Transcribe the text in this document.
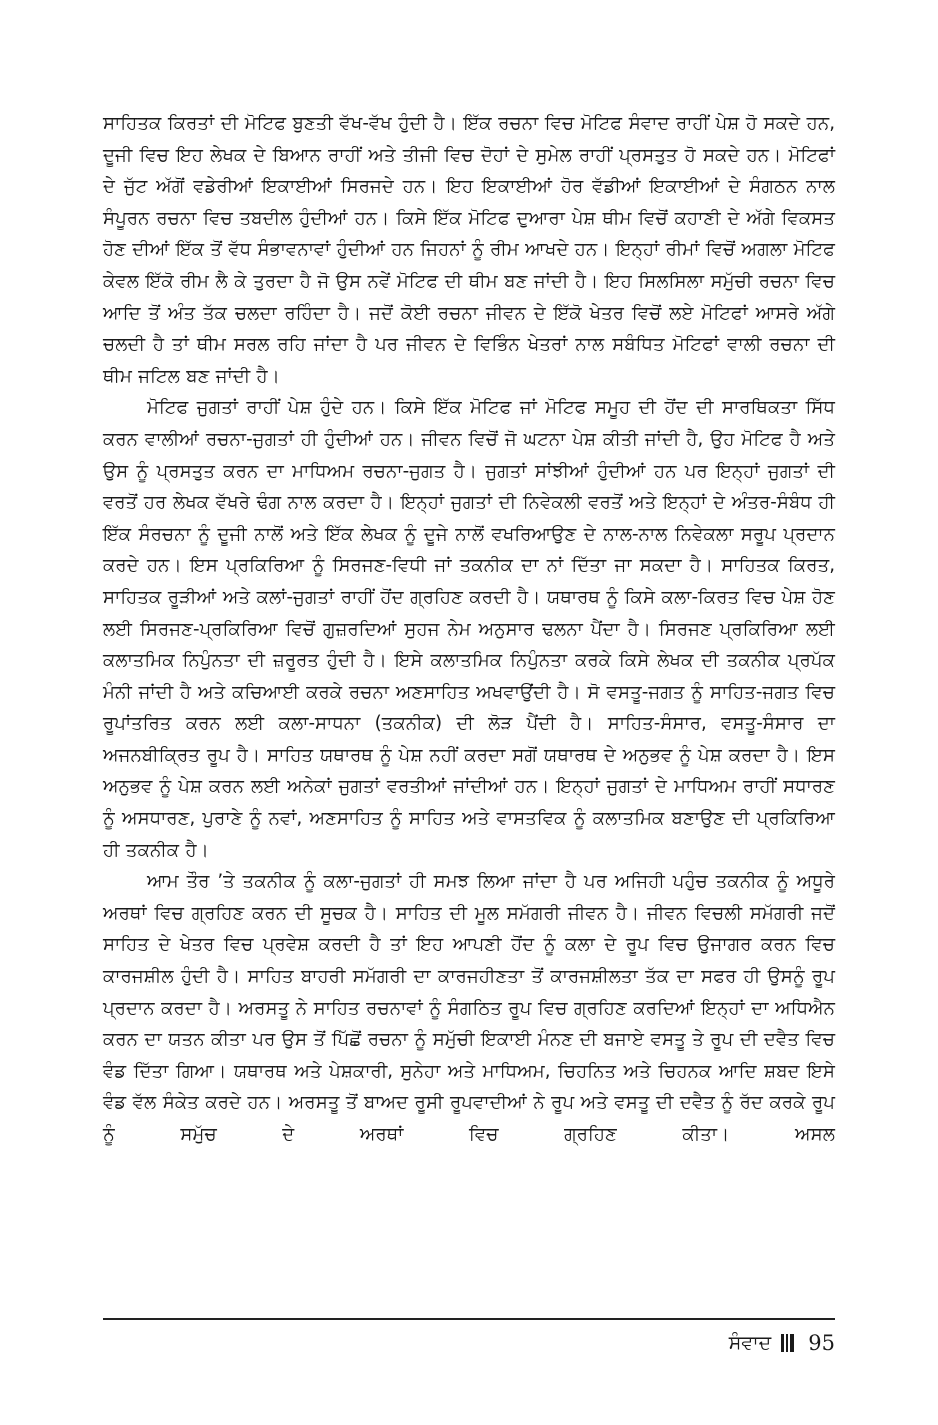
ਸਾਹਿਤਕ ਕਿਰਤਾਂ ਦੀ ਮੋਟਿਫ ਬੁਣਤੀ ਵੱਖ-ਵੱਖ ਹੁੰਦੀ ਹੈ। ਇੱਕ ਰਚਨਾ ਵਿਚ ਮੋਟਿਫ ਸੰਵਾਦ ਰਾਹੀਂ ਪੇਸ਼ ਹੋ ਸਕਦੇ ਹਨ, ਦੂਜੀ ਵਿਚ ਇਹ ਲੇਖਕ ਦੇ ਬਿਆਨ ਰਾਹੀਂ ਅਤੇ ਤੀਜੀ ਵਿਚ ਦੋਹਾਂ ਦੇ ਸੁਮੇਲ ਰਾਹੀਂ ਪ੍ਰਸਤੁਤ ਹੋ ਸਕਦੇ ਹਨ। ਮੋਟਿਫਾਂ ਦੇ ਜੁੱਟ ਅੱਗੋਂ ਵਡੇਰੀਆਂ ਇਕਾਈਆਂ ਸਿਰਜਦੇ ਹਨ। ਇਹ ਇਕਾਈਆਂ ਹੋਰ ਵੱਡੀਆਂ ਇਕਾਈਆਂ ਦੇ ਸੰਗਠਨ ਨਾਲ ਸੰਪੂਰਨ ਰਚਨਾ ਵਿਚ ਤਬਦੀਲ ਹੁੰਦੀਆਂ ਹਨ। ਕਿਸੇ ਇੱਕ ਮੋਟਿਫ ਦੁਆਰਾ ਪੇਸ਼ ਥੀਮ ਵਿਚੋਂ ਕਹਾਣੀ ਦੇ ਅੱਗੇ ਵਿਕਸਤ ਹੋਣ ਦੀਆਂ ਇੱਕ ਤੋਂ ਵੱਧ ਸੰਭਾਵਨਾਵਾਂ ਹੁੰਦੀਆਂ ਹਨ ਜਿਹਨਾਂ ਨੂੰ ਰੀਮ ਆਖਦੇ ਹਨ। ਇਨ੍ਹਾਂ ਰੀਮਾਂ ਵਿਚੋਂ ਅਗਲਾ ਮੋਟਿਫ ਕੇਵਲ ਇੱਕੋ ਰੀਮ ਲੈ ਕੇ ਤੁਰਦਾ ਹੈ ਜੋ ਉਸ ਨਵੇਂ ਮੋਟਿਫ ਦੀ ਥੀਮ ਬਣ ਜਾਂਦੀ ਹੈ। ਇਹ ਸਿਲਸਿਲਾ ਸਮੁੱਚੀ ਰਚਨਾ ਵਿਚ ਆਦਿ ਤੋਂ ਅੰਤ ਤੱਕ ਚਲਦਾ ਰਹਿੰਦਾ ਹੈ। ਜਦੋਂ ਕੋਈ ਰਚਨਾ ਜੀਵਨ ਦੇ ਇੱਕੋ ਖੇਤਰ ਵਿਚੋਂ ਲਏ ਮੋਟਿਫਾਂ ਆਸਰੇ ਅੱਗੇ ਚਲਦੀ ਹੈ ਤਾਂ ਥੀਮ ਸਰਲ ਰਹਿ ਜਾਂਦਾ ਹੈ ਪਰ ਜੀਵਨ ਦੇ ਵਿਭਿੰਨ ਖੇਤਰਾਂ ਨਾਲ ਸਬੰਧਿਤ ਮੋਟਿਫਾਂ ਵਾਲੀ ਰਚਨਾ ਦੀ ਥੀਮ ਜਟਿਲ ਬਣ ਜਾਂਦੀ ਹੈ।

ਮੋਟਿਫ ਜੁਗਤਾਂ ਰਾਹੀਂ ਪੇਸ਼ ਹੁੰਦੇ ਹਨ। ਕਿਸੇ ਇੱਕ ਮੋਟਿਫ ਜਾਂ ਮੋਟਿਫ ਸਮੂਹ ਦੀ ਹੋਂਦ ਦੀ ਸਾਰਥਿਕਤਾ ਸਿੱਧ ਕਰਨ ਵਾਲੀਆਂ ਰਚਨਾ-ਜੁਗਤਾਂ ਹੀ ਹੁੰਦੀਆਂ ਹਨ। ਜੀਵਨ ਵਿਚੋਂ ਜੋ ਘਟਨਾ ਪੇਸ਼ ਕੀਤੀ ਜਾਂਦੀ ਹੈ, ਉਹ ਮੋਟਿਫ ਹੈ ਅਤੇ ਉਸ ਨੂੰ ਪ੍ਰਸਤੁਤ ਕਰਨ ਦਾ ਮਾਧਿਅਮ ਰਚਨਾ-ਜੁਗਤ ਹੈ। ਜੁਗਤਾਂ ਸਾਂਝੀਆਂ ਹੁੰਦੀਆਂ ਹਨ ਪਰ ਇਨ੍ਹਾਂ ਜੁਗਤਾਂ ਦੀ ਵਰਤੋਂ ਹਰ ਲੇਖਕ ਵੱਖਰੇ ਢੰਗ ਨਾਲ ਕਰਦਾ ਹੈ। ਇਨ੍ਹਾਂ ਜੁਗਤਾਂ ਦੀ ਨਿਵੇਕਲੀ ਵਰਤੋਂ ਅਤੇ ਇਨ੍ਹਾਂ ਦੇ ਅੰਤਰ-ਸੰਬੰਧ ਹੀ ਇੱਕ ਸੰਰਚਨਾ ਨੂੰ ਦੂਜੀ ਨਾਲੋਂ ਅਤੇ ਇੱਕ ਲੇਖਕ ਨੂੰ ਦੂਜੇ ਨਾਲੋਂ ਵਖਰਿਆਉਣ ਦੇ ਨਾਲ-ਨਾਲ ਨਿਵੇਕਲਾ ਸਰੂਪ ਪ੍ਰਦਾਨ ਕਰਦੇ ਹਨ। ਇਸ ਪ੍ਰਕਿਰਿਆ ਨੂੰ ਸਿਰਜਣ-ਵਿਧੀ ਜਾਂ ਤਕਨੀਕ ਦਾ ਨਾਂ ਦਿੱਤਾ ਜਾ ਸਕਦਾ ਹੈ। ਸਾਹਿਤਕ ਕਿਰਤ, ਸਾਹਿਤਕ ਰੂੜੀਆਂ ਅਤੇ ਕਲਾਂ-ਜੁਗਤਾਂ ਰਾਹੀਂ ਹੋਂਦ ਗ੍ਰਹਿਣ ਕਰਦੀ ਹੈ। ਯਥਾਰਥ ਨੂੰ ਕਿਸੇ ਕਲਾ-ਕਿਰਤ ਵਿਚ ਪੇਸ਼ ਹੋਣ ਲਈ ਸਿਰਜਣ-ਪ੍ਰਕਿਰਿਆ ਵਿਚੋਂ ਗੁਜ਼ਰਦਿਆਂ ਸੁਹਜ ਨੇਮ ਅਨੁਸਾਰ ਢਲਨਾ ਪੈਂਦਾ ਹੈ। ਸਿਰਜਣ ਪ੍ਰਕਿਰਿਆ ਲਈ ਕਲਾਤਮਿਕ ਨਿਪੁੰਨਤਾ ਦੀ ਜ਼ਰੂਰਤ ਹੁੰਦੀ ਹੈ। ਇਸੇ ਕਲਾਤਮਿਕ ਨਿਪੁੰਨਤਾ ਕਰਕੇ ਕਿਸੇ ਲੇਖਕ ਦੀ ਤਕਨੀਕ ਪ੍ਰਪੱਕ ਮੰਨੀ ਜਾਂਦੀ ਹੈ ਅਤੇ ਕਚਿਆਈ ਕਰਕੇ ਰਚਨਾ ਅਣਸਾਹਿਤ ਅਖਵਾਉਂਦੀ ਹੈ। ਸੋ ਵਸਤੂ-ਜਗਤ ਨੂੰ ਸਾਹਿਤ-ਜਗਤ ਵਿਚ ਰੂਪਾਂਤਰਿਤ ਕਰਨ ਲਈ ਕਲਾ-ਸਾਧਨਾ (ਤਕਨੀਕ) ਦੀ ਲੋੜ ਪੈਂਦੀ ਹੈ। ਸਾਹਿਤ-ਸੰਸਾਰ, ਵਸਤੂ-ਸੰਸਾਰ ਦਾ ਅਜਨਬੀਕ੍ਰਿਤ ਰੂਪ ਹੈ। ਸਾਹਿਤ ਯਥਾਰਥ ਨੂੰ ਪੇਸ਼ ਨਹੀਂ ਕਰਦਾ ਸਗੋਂ ਯਥਾਰਥ ਦੇ ਅਨੁਭਵ ਨੂੰ ਪੇਸ਼ ਕਰਦਾ ਹੈ। ਇਸ ਅਨੁਭਵ ਨੂੰ ਪੇਸ਼ ਕਰਨ ਲਈ ਅਨੇਕਾਂ ਜੁਗਤਾਂ ਵਰਤੀਆਂ ਜਾਂਦੀਆਂ ਹਨ। ਇਨ੍ਹਾਂ ਜੁਗਤਾਂ ਦੇ ਮਾਧਿਅਮ ਰਾਹੀਂ ਸਧਾਰਣ ਨੂੰ ਅਸਧਾਰਣ, ਪੁਰਾਣੇ ਨੂੰ ਨਵਾਂ, ਅਣਸਾਹਿਤ ਨੂੰ ਸਾਹਿਤ ਅਤੇ ਵਾਸਤਵਿਕ ਨੂੰ ਕਲਾਤਮਿਕ ਬਣਾਉਣ ਦੀ ਪ੍ਰਕਿਰਿਆ ਹੀ ਤਕਨੀਕ ਹੈ।

ਆਮ ਤੌਰ ’ਤੇ ਤਕਨੀਕ ਨੂੰ ਕਲਾ-ਜੁਗਤਾਂ ਹੀ ਸਮਝ ਲਿਆ ਜਾਂਦਾ ਹੈ ਪਰ ਅਜਿਹੀ ਪਹੁੰਚ ਤਕਨੀਕ ਨੂੰ ਅਧੂਰੇ ਅਰਥਾਂ ਵਿਚ ਗ੍ਰਹਿਣ ਕਰਨ ਦੀ ਸੂਚਕ ਹੈ। ਸਾਹਿਤ ਦੀ ਮੂਲ ਸਮੱਗਰੀ ਜੀਵਨ ਹੈ। ਜੀਵਨ ਵਿਚਲੀ ਸਮੱਗਰੀ ਜਦੋਂ ਸਾਹਿਤ ਦੇ ਖੇਤਰ ਵਿਚ ਪ੍ਰਵੇਸ਼ ਕਰਦੀ ਹੈ ਤਾਂ ਇਹ ਆਪਣੀ ਹੋਂਦ ਨੂੰ ਕਲਾ ਦੇ ਰੂਪ ਵਿਚ ਉਜਾਗਰ ਕਰਨ ਵਿਚ ਕਾਰਜਸ਼ੀਲ ਹੁੰਦੀ ਹੈ। ਸਾਹਿਤ ਬਾਹਰੀ ਸਮੱਗਰੀ ਦਾ ਕਾਰਜਹੀਣਤਾ ਤੋਂ ਕਾਰਜਸ਼ੀਲਤਾ ਤੱਕ ਦਾ ਸਫਰ ਹੀ ਉਸਨੂੰ ਰੂਪ ਪ੍ਰਦਾਨ ਕਰਦਾ ਹੈ। ਅਰਸਤੂ ਨੇ ਸਾਹਿਤ ਰਚਨਾਵਾਂ ਨੂੰ ਸੰਗਠਿਤ ਰੂਪ ਵਿਚ ਗ੍ਰਹਿਣ ਕਰਦਿਆਂ ਇਨ੍ਹਾਂ ਦਾ ਅਧਿਐਨ ਕਰਨ ਦਾ ਯਤਨ ਕੀਤਾ ਪਰ ਉਸ ਤੋਂ ਪਿੱਛੋਂ ਰਚਨਾ ਨੂੰ ਸਮੁੱਚੀ ਇਕਾਈ ਮੰਨਣ ਦੀ ਬਜਾਏ ਵਸਤੂ ਤੇ ਰੂਪ ਦੀ ਦਵੈਤ ਵਿਚ ਵੰਡ ਦਿੱਤਾ ਗਿਆ। ਯਥਾਰਥ ਅਤੇ ਪੇਸ਼ਕਾਰੀ, ਸੁਨੇਹਾ ਅਤੇ ਮਾਧਿਅਮ, ਚਿਹਨਿਤ ਅਤੇ ਚਿਹਨਕ ਆਦਿ ਸ਼ਬਦ ਇਸੇ ਵੰਡ ਵੱਲ ਸੰਕੇਤ ਕਰਦੇ ਹਨ। ਅਰਸਤੂ ਤੋਂ ਬਾਅਦ ਰੂਸੀ ਰੂਪਵਾਦੀਆਂ ਨੇ ਰੂਪ ਅਤੇ ਵਸਤੂ ਦੀ ਦਵੈਤ ਨੂੰ ਰੱਦ ਕਰਕੇ ਰੂਪ ਨੂੰ ਸਮੁੱਚ ਦੇ ਅਰਥਾਂ ਵਿਚ ਗ੍ਰਹਿਣ ਕੀਤਾ। ਅਸਲ

ਸੰਵਾਦ 95
